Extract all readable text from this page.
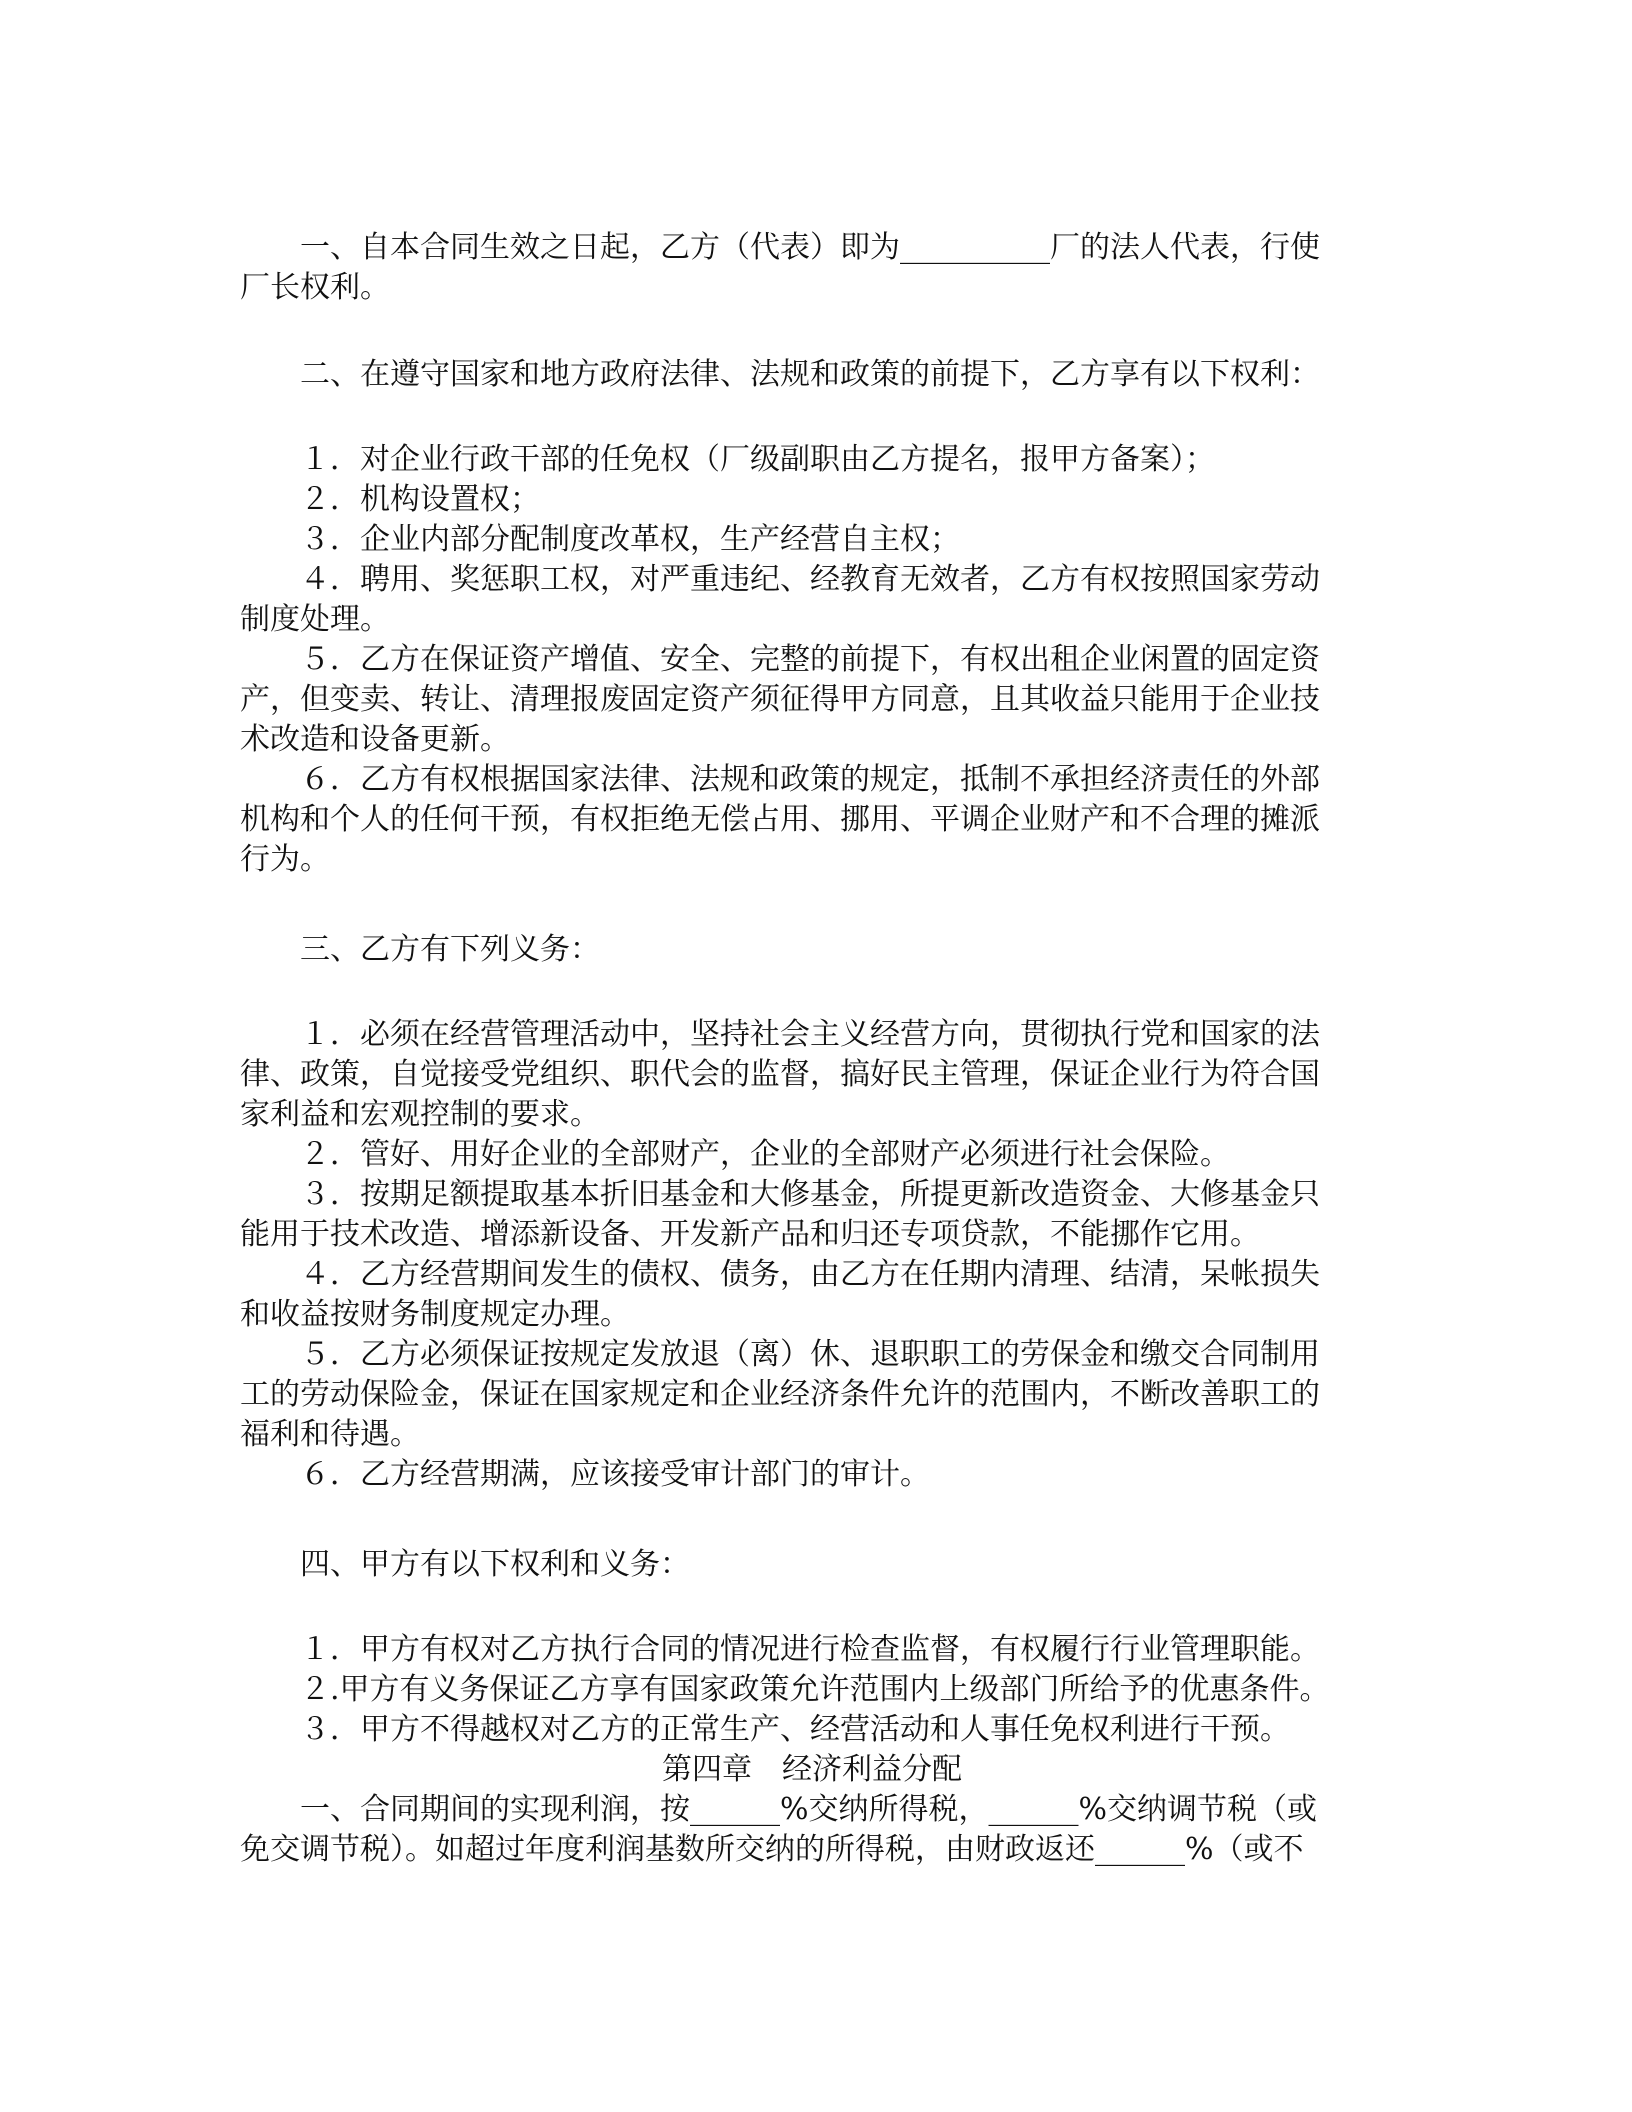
一、自本合同生效之日起，乙方（代表）即为__________厂的法人代表，行使
厂长权利。
二、在遵守国家和地方政府法律、法规和政策的前提下，乙方享有以下权利：
１．对企业行政干部的任免权（厂级副职由乙方提名，报甲方备案）；
２．机构设置权；
３．企业内部分配制度改革权，生产经营自主权；
４．聘用、奖惩职工权，对严重违纪、经教育无效者，乙方有权按照国家劳动
制度处理。
５．乙方在保证资产增值、安全、完整的前提下，有权出租企业闲置的固定资
产，但变卖、转让、清理报废固定资产须征得甲方同意，且其收益只能用于企业技
术改造和设备更新。
６．乙方有权根据国家法律、法规和政策的规定，抵制不承担经济责任的外部
机构和个人的任何干预，有权拒绝无偿占用、挪用、平调企业财产和不合理的摊派
行为。
三、乙方有下列义务：
１．必须在经营管理活动中，坚持社会主义经营方向，贯彻执行党和国家的法
律、政策，自觉接受党组织、职代会的监督，搞好民主管理，保证企业行为符合国
家利益和宏观控制的要求。
２．管好、用好企业的全部财产，企业的全部财产必须进行社会保险。
３．按期足额提取基本折旧基金和大修基金，所提更新改造资金、大修基金只
能用于技术改造、增添新设备、开发新产品和归还专项贷款，不能挪作它用。
４．乙方经营期间发生的债权、债务，由乙方在任期内清理、结清，呆帐损失
和收益按财务制度规定办理。
５．乙方必须保证按规定发放退（离）休、退职职工的劳保金和缴交合同制用
工的劳动保险金，保证在国家规定和企业经济条件允许的范围内，不断改善职工的
福利和待遇。
６．乙方经营期满，应该接受审计部门的审计。
四、甲方有以下权利和义务：
１．甲方有权对乙方执行合同的情况进行检查监督，有权履行行业管理职能。
２.甲方有义务保证乙方享有国家政策允许范围内上级部门所给予的优惠条件。
３．甲方不得越权对乙方的正常生产、经营活动和人事任免权利进行干预。
第四章　经济利益分配
一、合同期间的实现利润，按______%交纳所得税，______%交纳调节税（或
免交调节税）。如超过年度利润基数所交纳的所得税，由财政返还______%（或不
